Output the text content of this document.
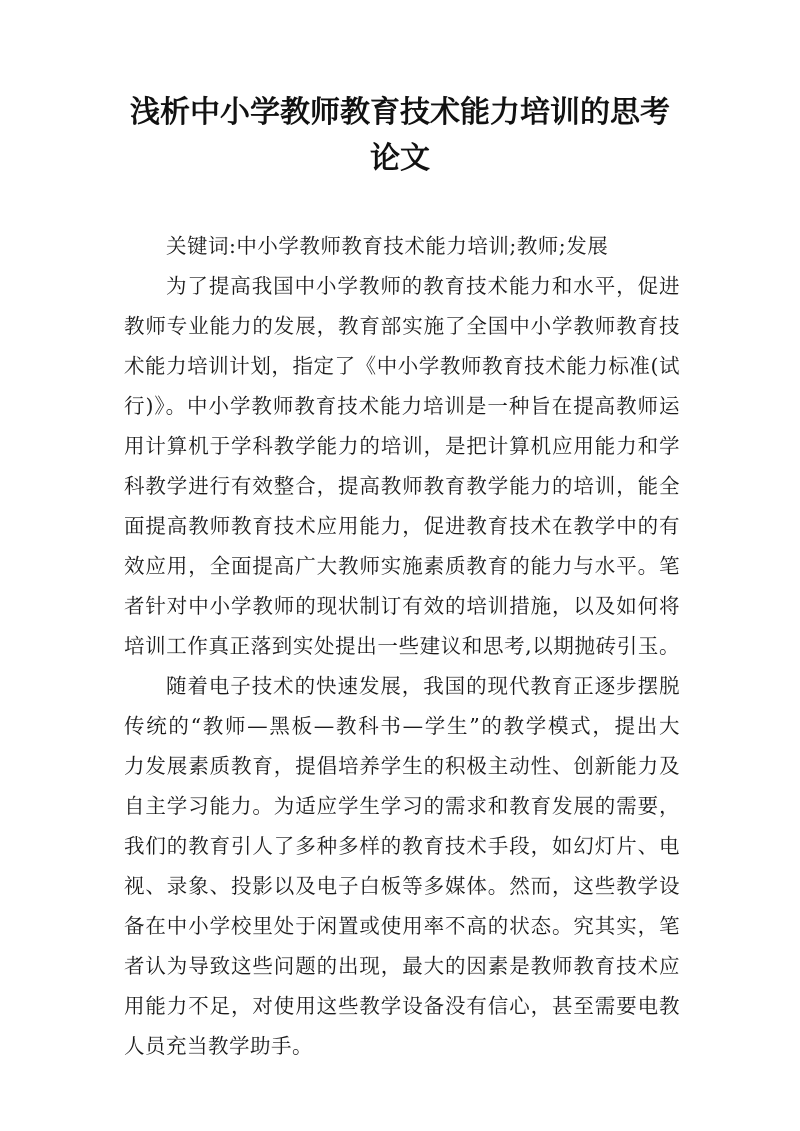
浅析中小学教师教育技术能力培训的思考
论文
关键词:中小学教师教育技术能力培训;教师;发展
为了提高我国中小学教师的教育技术能力和水平，促进
教师专业能力的发展，教育部实施了全国中小学教师教育技
术能力培训计划，指定了《中小学教师教育技术能力标准(试
行)》。中小学教师教育技术能力培训是一种旨在提高教师运
用计算机于学科教学能力的培训，是把计算机应用能力和学
科教学进行有效整合，提高教师教育教学能力的培训，能全
面提高教师教育技术应用能力，促进教育技术在教学中的有
效应用，全面提高广大教师实施素质教育的能力与水平。笔
者针对中小学教师的现状制订有效的培训措施，以及如何将
培训工作真正落到实处提出一些建议和思考,以期抛砖引玉。
随着电子技术的快速发展，我国的现代教育正逐步摆脱
传统的“教师—黑板—教科书—学生”的教学模式，提出大
力发展素质教育，提倡培养学生的积极主动性、创新能力及
自主学习能力。为适应学生学习的需求和教育发展的需要，
我们的教育引人了多种多样的教育技术手段，如幻灯片、电
视、录象、投影以及电子白板等多媒体。然而，这些教学设
备在中小学校里处于闲置或使用率不高的状态。究其实，笔
者认为导致这些问题的出现，最大的因素是教师教育技术应
用能力不足，对使用这些教学设备没有信心，甚至需要电教
人员充当教学助手。
